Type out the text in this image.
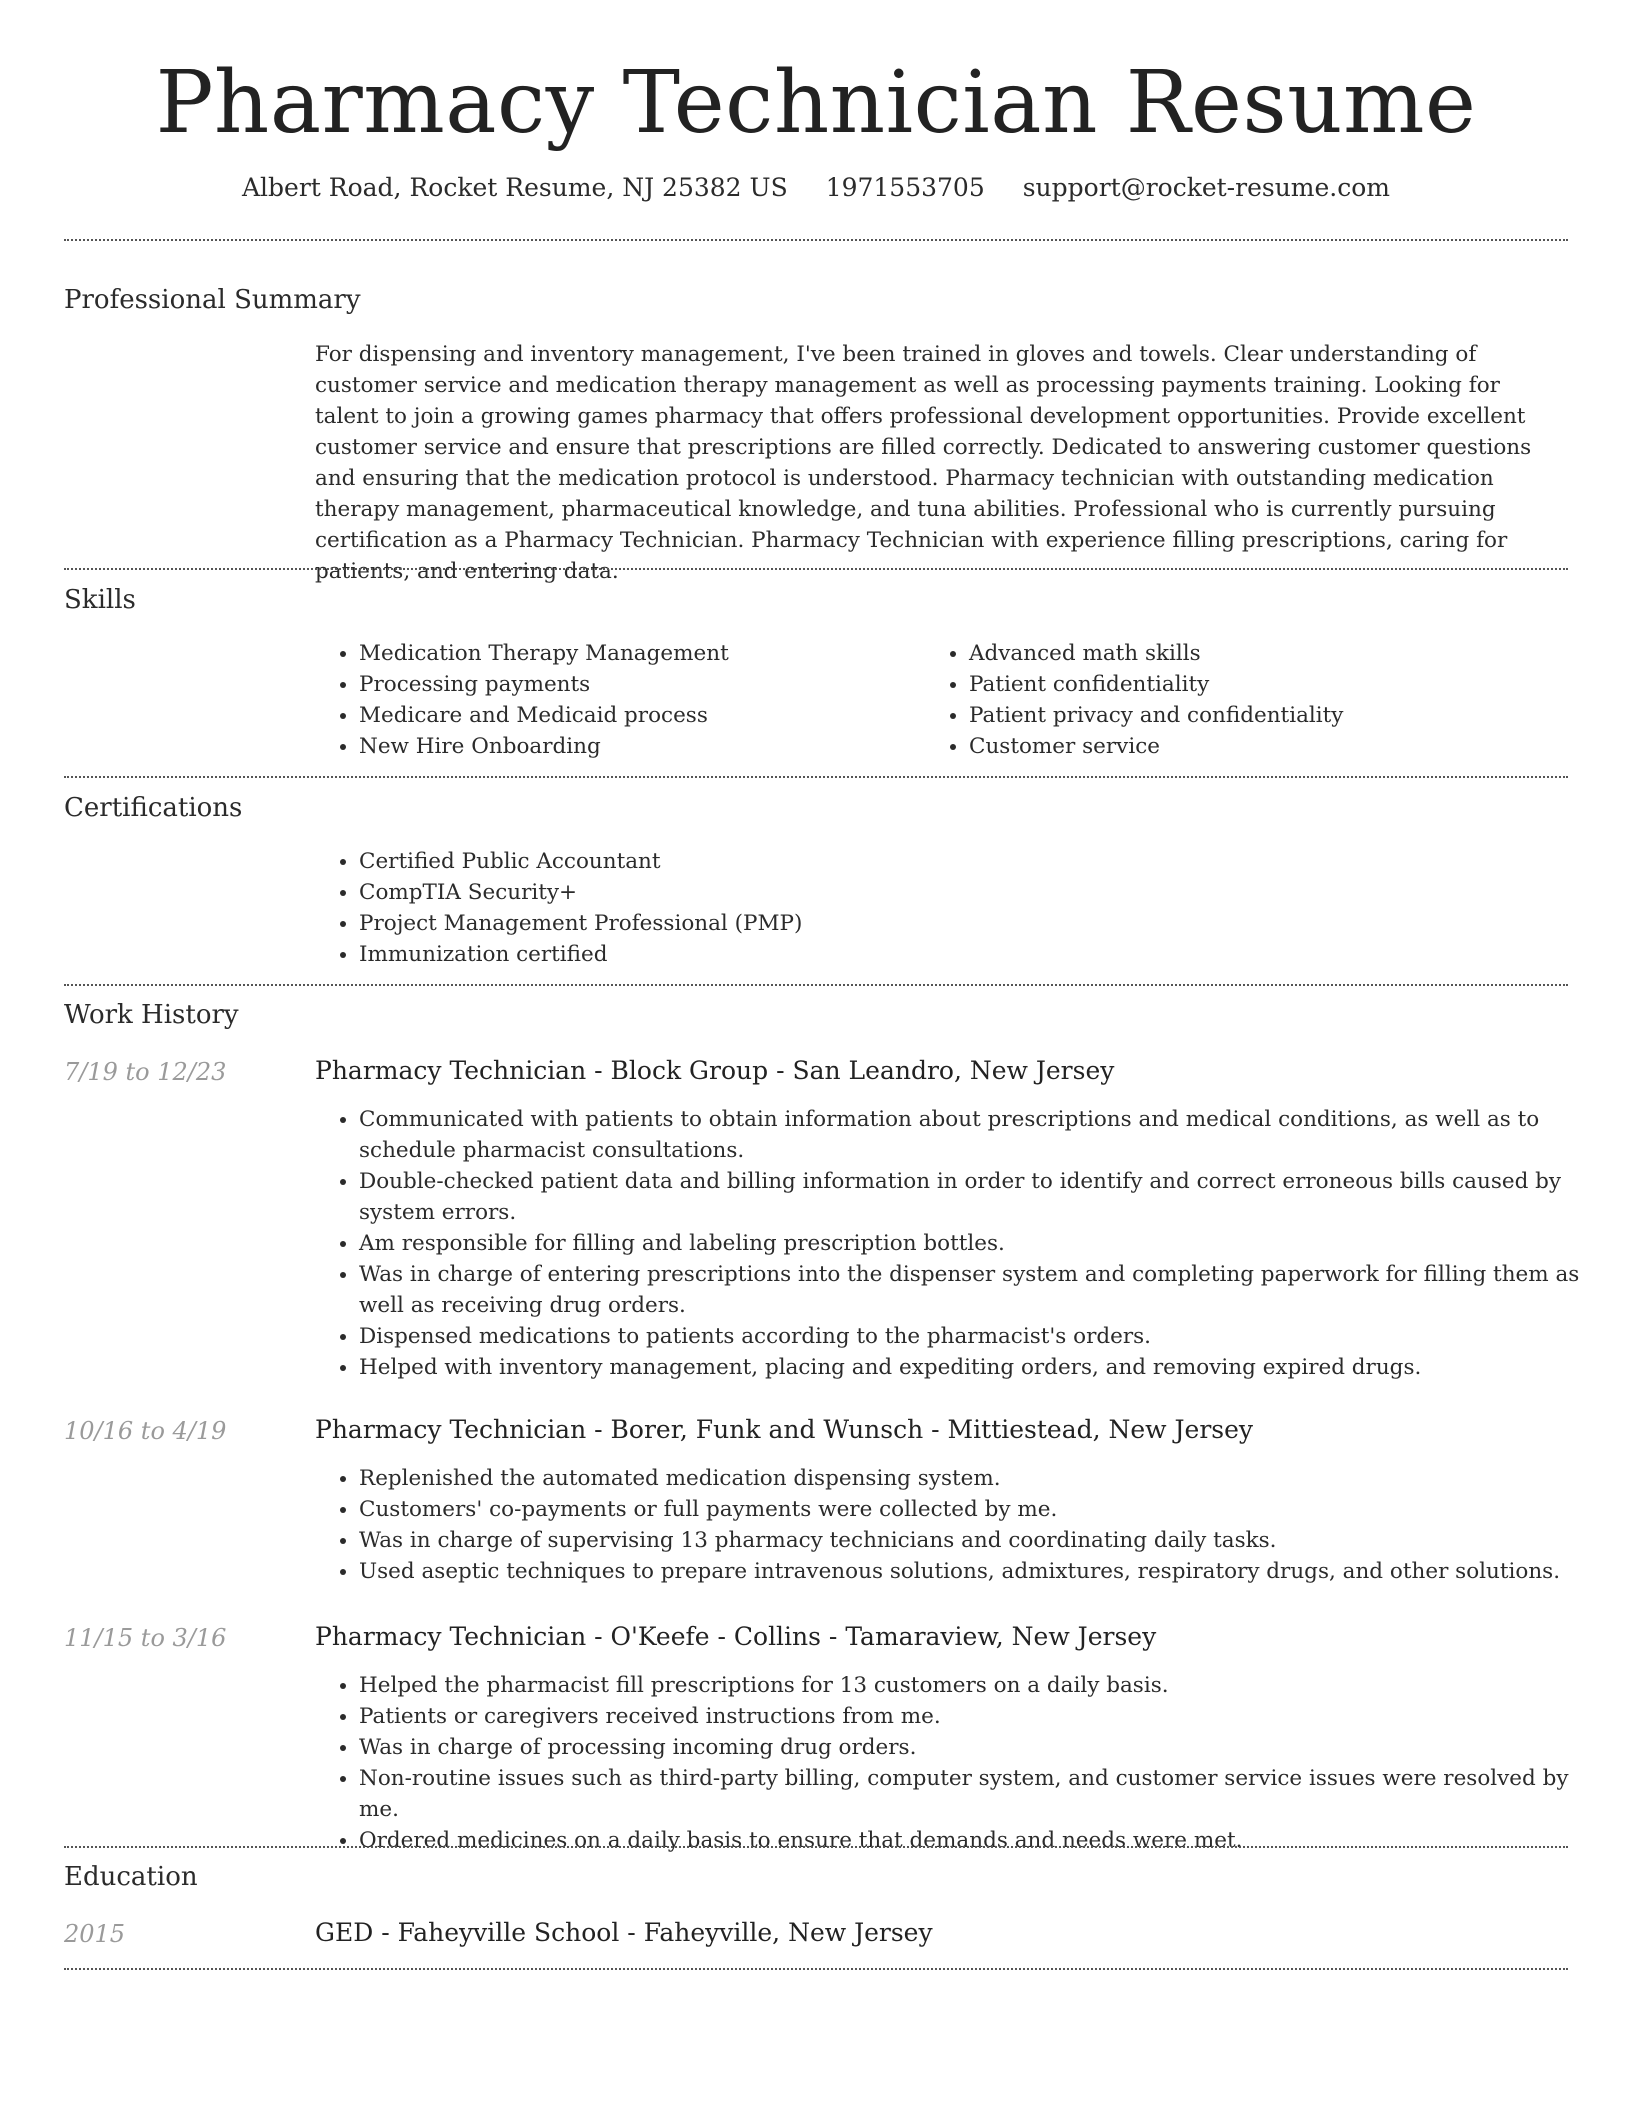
Pharmacy Technician Resume
Albert Road, Rocket Resume, NJ 25382 US 1971553705 support@rocket-resume.com
Professional Summary

For dispensing and inventory management, I've been trained in gloves and towels. Clear understanding of customer service and medication therapy management as well as processing payments training. Looking for talent to join a growing games pharmacy that offers professional development opportunities. Provide excellent customer service and ensure that prescriptions are filled correctly. Dedicated to answering customer questions and ensuring that the medication protocol is understood. Pharmacy technician with outstanding medication therapy management, pharmaceutical knowledge, and tuna abilities. Professional who is currently pursuing certification as a Pharmacy Technician. Pharmacy Technician with experience filling prescriptions, caring for patients, and entering data.

Skills
• Medication Therapy Management
• Processing payments
• Medicare and Medicaid process
• New Hire Onboarding
• Advanced math skills
• Patient confidentiality
• Patient privacy and confidentiality
• Customer service
Certifications
• Certified Public Accountant
• CompTIA Security+
• Project Management Professional (PMP)
• Immunization certified
Work History
7/19 to 12/23	Pharmacy Technician - Block Group - San Leandro, New Jersey
• Communicated with patients to obtain information about prescriptions and medical conditions, as well as to schedule pharmacist consultations.
• Double-checked patient data and billing information in order to identify and correct erroneous bills caused by system errors.
• Am responsible for filling and labeling prescription bottles.
• Was in charge of entering prescriptions into the dispenser system and completing paperwork for filling them as well as receiving drug orders.
• Dispensed medications to patients according to the pharmacist's orders.
• Helped with inventory management, placing and expediting orders, and removing expired drugs.
10/16 to 4/19	Pharmacy Technician - Borer, Funk and Wunsch - Mittiestead, New Jersey
• Replenished the automated medication dispensing system.
• Customers' co-payments or full payments were collected by me.
• Was in charge of supervising 13 pharmacy technicians and coordinating daily tasks.
• Used aseptic techniques to prepare intravenous solutions, admixtures, respiratory drugs, and other solutions.
11/15 to 3/16	Pharmacy Technician - O'Keefe - Collins - Tamaraview, New Jersey
• Helped the pharmacist fill prescriptions for 13 customers on a daily basis.
• Patients or caregivers received instructions from me.
• Was in charge of processing incoming drug orders.
• Non-routine issues such as third-party billing, computer system, and customer service issues were resolved by me.
• Ordered medicines on a daily basis to ensure that demands and needs were met.
Education
2015	GED - Faheyville School - Faheyville, New Jersey
